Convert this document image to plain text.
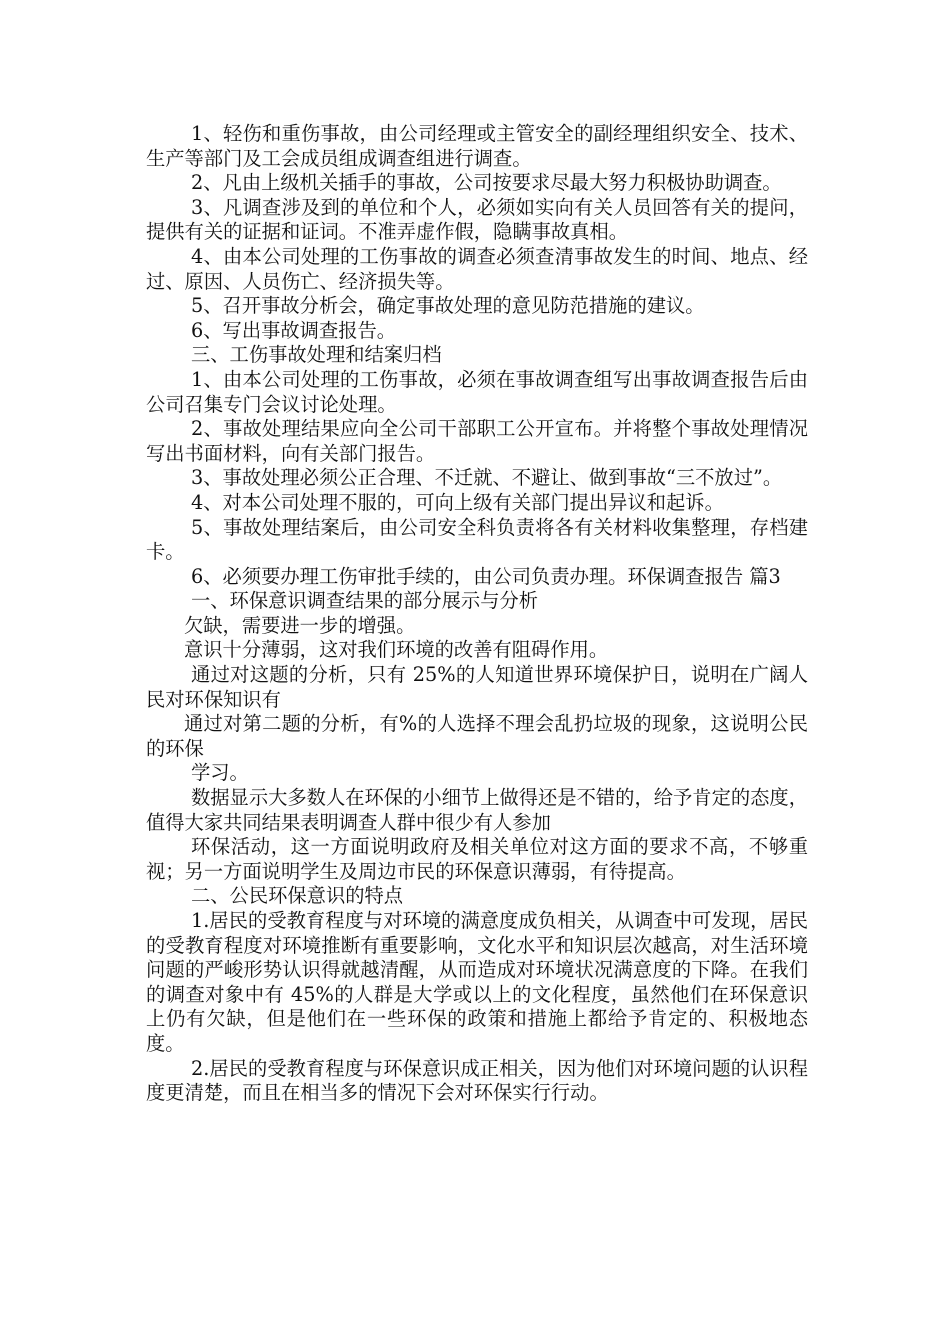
1、轻伤和重伤事故，由公司经理或主管安全的副经理组织安全、技术、生产等部门及工会成员组成调查组进行调查。

2、凡由上级机关插手的事故，公司按要求尽最大努力积极协助调查。

3、凡调查涉及到的单位和个人，必须如实向有关人员回答有关的提问，提供有关的证据和证词。不准弄虚作假，隐瞒事故真相。

4、由本公司处理的工伤事故的调查必须查清事故发生的时间、地点、经过、原因、人员伤亡、经济损失等。

5、召开事故分析会，确定事故处理的意见防范措施的建议。

6、写出事故调查报告。

三、工伤事故处理和结案归档

1、由本公司处理的工伤事故，必须在事故调查组写出事故调查报告后由公司召集专门会议讨论处理。

2、事故处理结果应向全公司干部职工公开宣布。并将整个事故处理情况写出书面材料，向有关部门报告。

3、事故处理必须公正合理、不迁就、不避让、做到事故“三不放过”。

4、对本公司处理不服的，可向上级有关部门提出异议和起诉。

5、事故处理结案后，由公司安全科负责将各有关材料收集整理，存档建卡。

6、必须要办理工伤审批手续的，由公司负责办理。环保调查报告 篇3

一、环保意识调查结果的部分展示与分析

欠缺，需要进一步的增强。

意识十分薄弱，这对我们环境的改善有阻碍作用。

通过对这题的分析，只有 25%的人知道世界环境保护日，说明在广阔人民对环保知识有

通过对第二题的分析，有%的人选择不理会乱扔垃圾的现象，这说明公民的环保

学习。

数据显示大多数人在环保的小细节上做得还是不错的，给予肯定的态度，值得大家共同结果表明调查人群中很少有人参加

环保活动，这一方面说明政府及相关单位对这方面的要求不高，不够重视；另一方面说明学生及周边市民的环保意识薄弱，有待提高。

二、公民环保意识的特点

1.居民的受教育程度与对环境的满意度成负相关，从调查中可发现，居民的受教育程度对环境推断有重要影响，文化水平和知识层次越高，对生活环境问题的严峻形势认识得就越清醒，从而造成对环境状况满意度的下降。在我们的调查对象中有 45%的人群是大学或以上的文化程度，虽然他们在环保意识上仍有欠缺，但是他们在一些环保的政策和措施上都给予肯定的、积极地态度。

2.居民的受教育程度与环保意识成正相关，因为他们对环境问题的认识程度更清楚，而且在相当多的情况下会对环保实行行动。
